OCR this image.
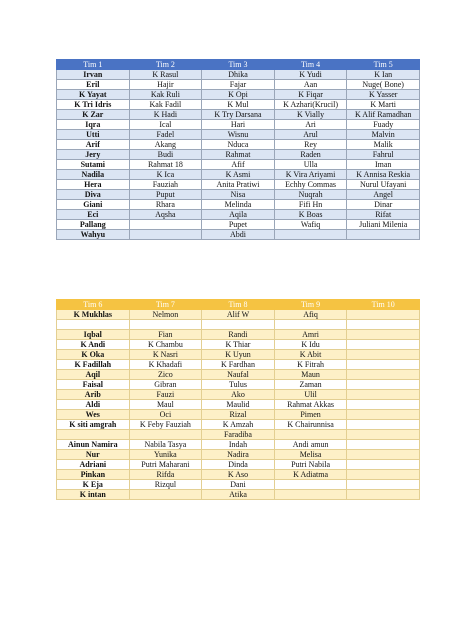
Tim 1	Tim 2	Tim 3	Tim 4	Tim 5
Irvan	K Rasul	Dhika	K Yudi	K Ian
Eril	Hajir	Fajar	Aan	Nuge( Bone)
K Yayat	Kak Ruli	K Opi	K Fiqar	K Yasser
K Tri Idris	Kak Fadil	K Mul	K Azhari(Krucil)	K Marti
K Zar	K Hadi	K Try Darsana	K Vially	K Alif Ramadhan
Iqra	Ical	Hari	Ari	Fuady
Utti	Fadel	Wisnu	Arul	Malvin
Arif	Akang	Nduca	Rey	Malik
Jery	Budi	Rahmat	Raden	Fahrul
Sutami	Rahmat 18	Afif	Ulla	Iman
Nadila	K Ica	K Asmi	K Vira Ariyami	K Annisa Reskia
Hera	Fauziah	Anita Pratiwi	Echhy Commas	Nurul Ufayani
Diva	Puput	Nisa	Nuqrah	Angel
Giani	Rhara	Melinda	Fifi Hn	Dinar
Eci	Aqsha	Aqila	K Boas	Rifat
Pallang		Pupet	Wafiq	Juliani Milenia
Wahyu		Abdi		
Tim 6	Tim 7	Tim 8	Tim 9	Tim 10
K Mukhlas	Nelmon	Alif W	Afiq	

Iqbal	Fian	Randi	Amri	
K Andi	K Chambu	K Thiar	K Idu	
K Oka	K Nasri	K Uyun	K Abit	
K Fadillah	K Khadafi	K Fardhan	K Fitrah	
Aqil	Zico	Naufal	Maun	
Faisal	Gibran	Tulus	Zaman	
Arib	Fauzi	Ako	Ulil	
Aldi	Maul	Maulid	Rahmat Akkas	
Wes	Oci	Rizal	Pimen	
K siti amgrah	K Feby Fauziah	K Amzah	K Chairunnisa	
		Faradiba		
Ainun Namira	Nabila Tasya	Indah	Andi amun	
Nur	Yunika	Nadira	Melisa	
Adriani	Putri Maharani	Dinda	Putri Nabila	
Pinkan	Rifda	K Aso	K Adiatma	
K Eja	Rizqul	Dani		
K intan		Atika		
